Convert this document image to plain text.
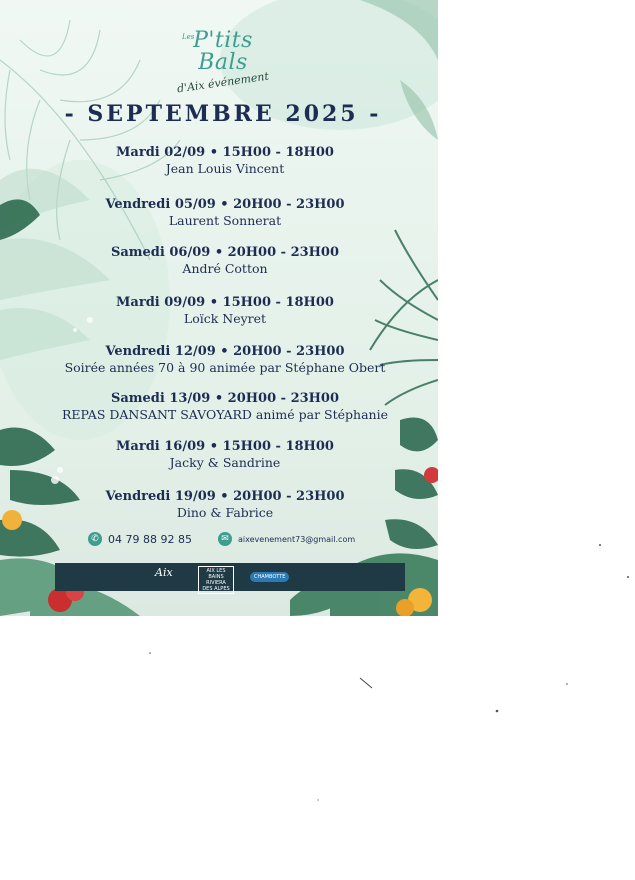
P'tits Bals
d'Aix événement
Les
- SEPTEMBRE 2025 -
Mardi 02/09 • 15H00 - 18H00
Jean Louis Vincent
Vendredi 05/09 • 20H00 - 23H00
Laurent Sonnerat
Samedi 06/09 • 20H00 - 23H00
André Cotton
Mardi 09/09 • 15H00 - 18H00
Loïck Neyret
Vendredi 12/09 • 20H00 - 23H00
Soirée années 70 à 90 animée par Stéphane Obert
Samedi 13/09 • 20H00 - 23H00
REPAS DANSANT SAVOYARD animé par Stéphanie
Mardi 16/09 • 15H00 - 18H00
Jacky & Sandrine
Vendredi 19/09 • 20H00 - 23H00
Dino & Fabrice
✆ 04 79 88 92 85	✉	aixevenement73@gmail.com
Aix	AIX LES BAINS RIVIERA DES ALPES
CHAMBOTTE
